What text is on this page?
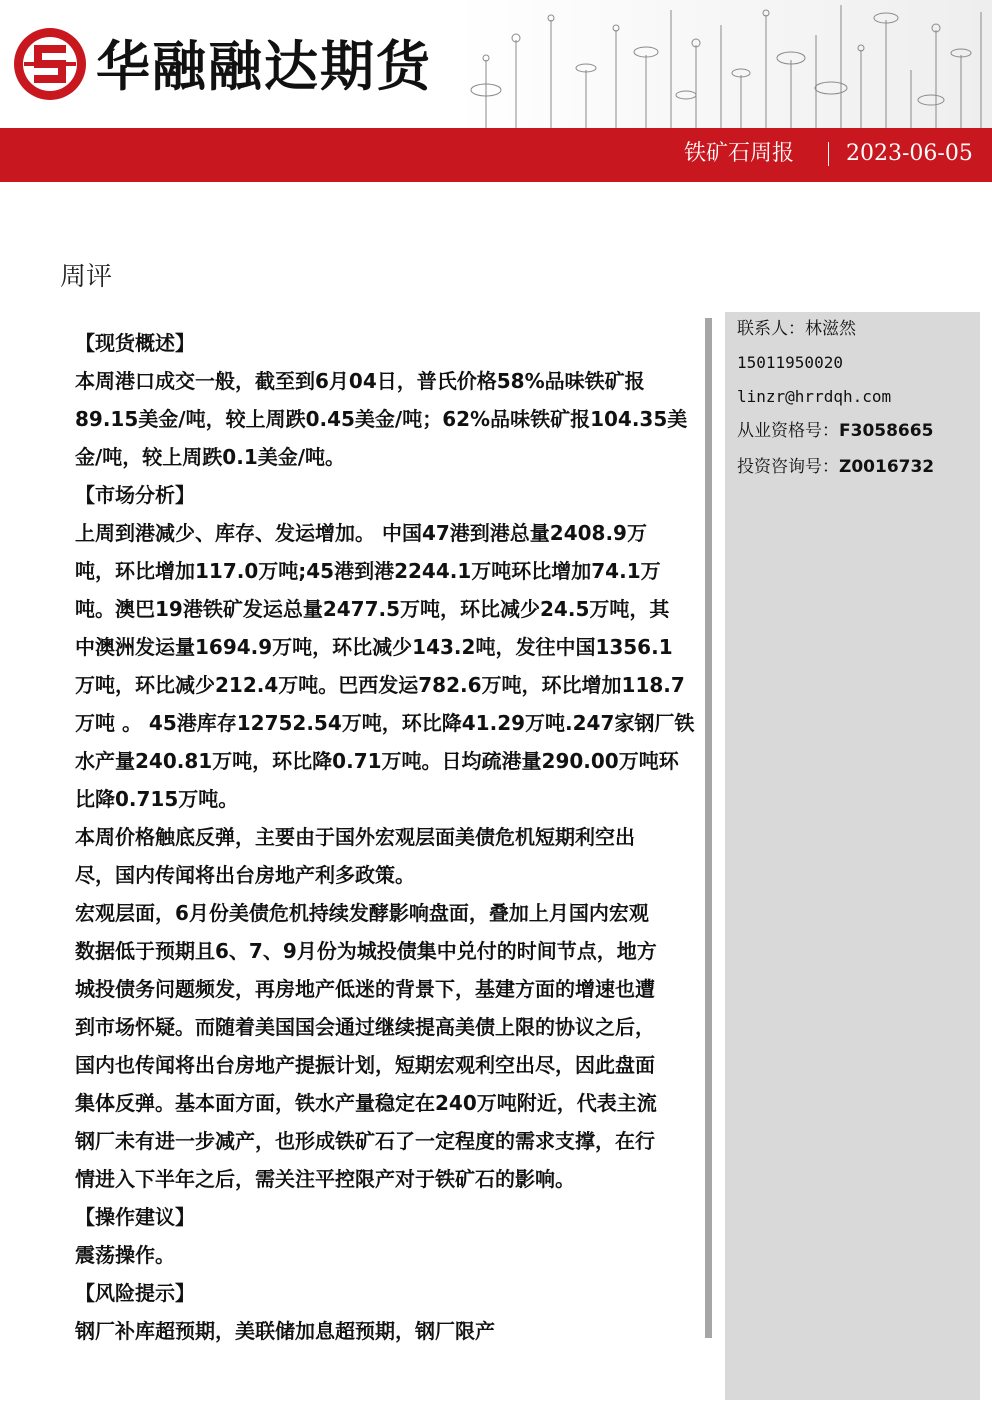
华融融达期货
铁矿石周报 2023-06-05
周评
联系人：林滋然
15011950020
linzr@hrrdqh.com
从业资格号：F3058665
投资咨询号：Z0016732

【现货概述】

本周港口成交一般，截至到6月04日，普氏价格58%品味铁矿报

89.15美金/吨，较上周跌0.45美金/吨；62%品味铁矿报104.35美

金/吨，较上周跌0.1美金/吨。

【市场分析】

上周到港减少、库存、发运增加。 中国47港到港总量2408.9万

吨，环比增加117.0万吨;45港到港2244.1万吨环比增加74.1万

吨。澳巴19港铁矿发运总量2477.5万吨，环比减少24.5万吨，其

中澳洲发运量1694.9万吨，环比减少143.2吨，发往中国1356.1

万吨，环比减少212.4万吨。巴西发运782.6万吨，环比增加118.7

万吨 。 45港库存12752.54万吨，环比降41.29万吨.247家钢厂铁

水产量240.81万吨，环比降0.71万吨。日均疏港量290.00万吨环

比降0.715万吨。

本周价格触底反弹，主要由于国外宏观层面美债危机短期利空出

尽，国内传闻将出台房地产利多政策。

宏观层面，6月份美债危机持续发酵影响盘面，叠加上月国内宏观

数据低于预期且6、7、9月份为城投债集中兑付的时间节点，地方

城投债务问题频发，再房地产低迷的背景下，基建方面的增速也遭

到市场怀疑。而随着美国国会通过继续提高美债上限的协议之后，

国内也传闻将出台房地产提振计划，短期宏观利空出尽，因此盘面

集体反弹。基本面方面，铁水产量稳定在240万吨附近，代表主流

钢厂未有进一步减产，也形成铁矿石了一定程度的需求支撑，在行

情进入下半年之后，需关注平控限产对于铁矿石的影响。

【操作建议】

震荡操作。

【风险提示】

钢厂补库超预期，美联储加息超预期，钢厂限产
